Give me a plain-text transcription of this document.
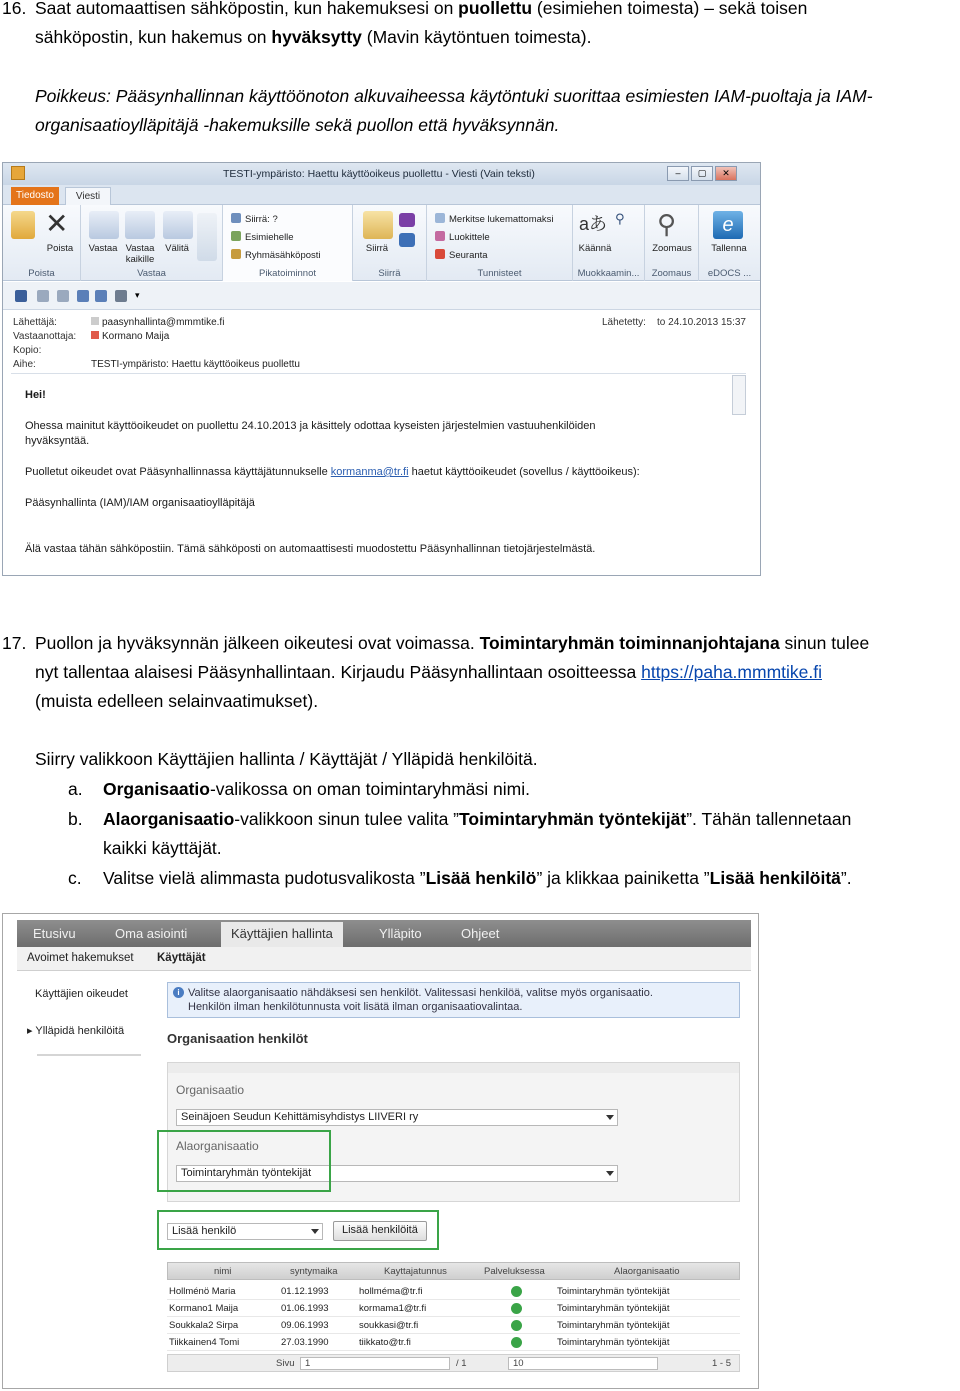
16. Saat automaattisen sähköpostin, kun hakemuksesi on puollettu (esimiehen toimesta) – sekä toisen
sähköpostin, kun hakemus on hyväksytty (Mavin käytöntuen toimesta).
Poikkeus: Pääsynhallinnan käyttöönoton alkuvaiheessa käytöntuki suorittaa esimiesten IAM-puoltaja ja IAM-
organisaatioylläpitäjä -hakemuksille sekä puollon että hyväksynnän.
TESTI-ympäristo: Haettu käyttöoikeus puollettu - Viesti (Vain teksti)	–	▢	✕
Tiedosto	Viesti
✕
Poista
Poista
Vastaa Vastaa
kaikille
Välitä
Vastaa
Siirrä: ?
Esimiehelle
Ryhmäsähköposti
Pikatoiminnot
Siirrä
Siirrä
Merkitse lukemattomaksi
Luokittele
Seuranta
Tunnisteet
aあ ⚲
Käännä
Muokkaamin...
⚲
Zoomaus
Zoomaus
e
Tallenna
eDOCS ...
▾
Lähettäjä:	paasynhallinta@mmmtike.fi
Vastaanottaja:	Kormano Maija
Kopio:
Aihe:	TESTI-ympäristo: Haettu käyttöoikeus puollettu
Lähetetty: to 24.10.2013 15:37
Hei!
Ohessa mainitut käyttöoikeudet on puollettu 24.10.2013 ja käsittely odottaa kyseisten järjestelmien vastuuhenkilöiden
hyväksyntää.
Puolletut oikeudet ovat Pääsynhallinnassa käyttäjätunnukselle kormanma@tr.fi haetut käyttöoikeudet (sovellus / käyttöoikeus):
Pääsynhallinta (IAM)/IAM organisaatioylläpitäjä
Älä vastaa tähän sähköpostiin. Tämä sähköposti on automaattisesti muodostettu Pääsynhallinnan tietojärjestelmästä.
17. Puollon ja hyväksynnän jälkeen oikeutesi ovat voimassa. Toimintaryhmän toiminnanjohtajana sinun tulee
nyt tallentaa alaisesi Pääsynhallintaan. Kirjaudu Pääsynhallintaan osoitteessa https://paha.mmmtike.fi
(muista edelleen selainvaatimukset).

Siirry valikkoon Käyttäjien hallinta / Käyttäjät / Ylläpidä henkilöitä.
a. Organisaatio-valikossa on oman toimintaryhmäsi nimi.
b. Alaorganisaatio-valikkoon sinun tulee valita ”Toimintaryhmän työntekijät”. Tähän tallennetaan
kaikki käyttäjät.
c. Valitse vielä alimmasta pudotusvalikosta ”Lisää henkilö” ja klikkaa painiketta ”Lisää henkilöitä”.
Etusivu	Oma asiointi	Käyttäjien hallinta	Ylläpito	Ohjeet
Avoimet hakemukset Käyttäjät
Käyttäjien oikeudet
▸ Ylläpidä henkilöitä
i Valitse alaorganisaatio nähdäksesi sen henkilöt. Valitessasi henkilöä, valitse myös organisaatio.
Henkilön ilman henkilötunnusta voit lisätä ilman organisaatiovalintaa.
Organisaation henkilöt
Organisaatio
Seinäjoen Seudun Kehittämisyhdistys LIIVERI ry
Alaorganisaatio
Toimintaryhmän työntekijät
Lisää henkilö	Lisää henkilöitä
nimi	syntymaika	Kayttajatunnus	Palveluksessa	Alaorganisaatio
Hollménö Maria	01.12.1993	hollméma@tr.fi	Toimintaryhmän työntekijät
Kormano1 Maija	01.06.1993	kormama1@tr.fi	Toimintaryhmän työntekijät
Soukkala2 Sirpa	09.06.1993	soukkasi@tr.fi	Toimintaryhmän työntekijät
Tiikkainen4 Tomi	27.03.1990	tiikkato@tr.fi	Toimintaryhmän työntekijät
Sivu 1	/ 1	10	1 - 5
